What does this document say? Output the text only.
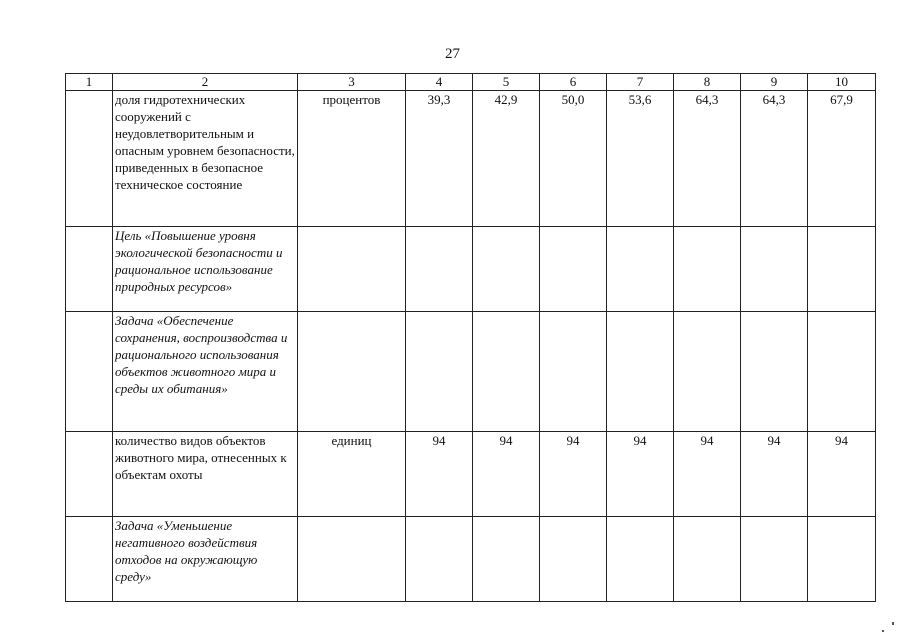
27
1	2	3	4	5	6	7	8	9	10
	доля гидротехнических сооружений с неудовлетворительным и опасным уровнем безопасности, приведенных в безопасное техническое состояние	процентов	39,3	42,9	50,0	53,6	64,3	64,3	67,9
	Цель «Повышение уровня экологической безопасности и рациональное использование природных ресурсов»								
	Задача «Обеспечение сохранения, воспроизводства и рационального использования объектов животного мира и среды их обитания»								
	количество видов объектов животного мира, отнесенных к объектам охоты	единиц	94	94	94	94	94	94	94
	Задача «Уменьшение негативного воздействия отходов на окружающую среду»								
